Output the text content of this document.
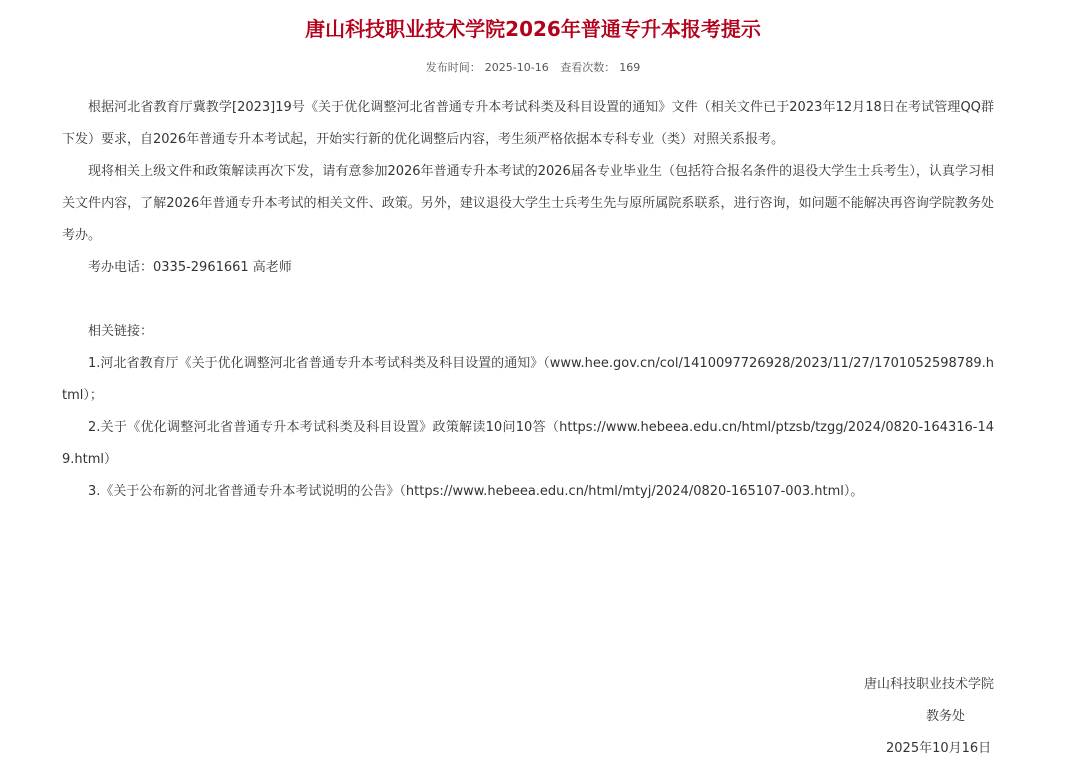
唐山科技职业技术学院2026年普通专升本报考提示
发布时间： 2025-10-16 查看次数： 169

根据河北省教育厅冀教学[2023]19号《关于优化调整河北省普通专升本考试科类及科目设置的通知》文件（相关文件已于2023年12月18日在考试管理QQ群下发）要求，自2026年普通专升本考试起，开始实行新的优化调整后内容，考生须严格依据本专科专业（类）对照关系报考。

现将相关上级文件和政策解读再次下发，请有意参加2026年普通专升本考试的2026届各专业毕业生（包括符合报名条件的退役大学生士兵考生），认真学习相关文件内容，了解2026年普通专升本考试的相关文件、政策。另外，建议退役大学生士兵考生先与原所属院系联系，进行咨询，如问题不能解决再咨询学院教务处考办。

考办电话：0335-2961661 高老师

相关链接：

1.河北省教育厅《关于优化调整河北省普通专升本考试科类及科目设置的通知》（www.hee.gov.cn/col/1410097726928/2023/11/27/1701052598789.html）；

2.关于《优化调整河北省普通专升本考试科类及科目设置》政策解读10问10答（https://www.hebeea.edu.cn/html/ptzsb/tzgg/2024/0820-164316-149.html）

3.《关于公布新的河北省普通专升本考试说明的公告》（https://www.hebeea.edu.cn/html/mtyj/2024/0820-165107-003.html）。

唐山科技职业技术学院
教务处
2025年10月16日
